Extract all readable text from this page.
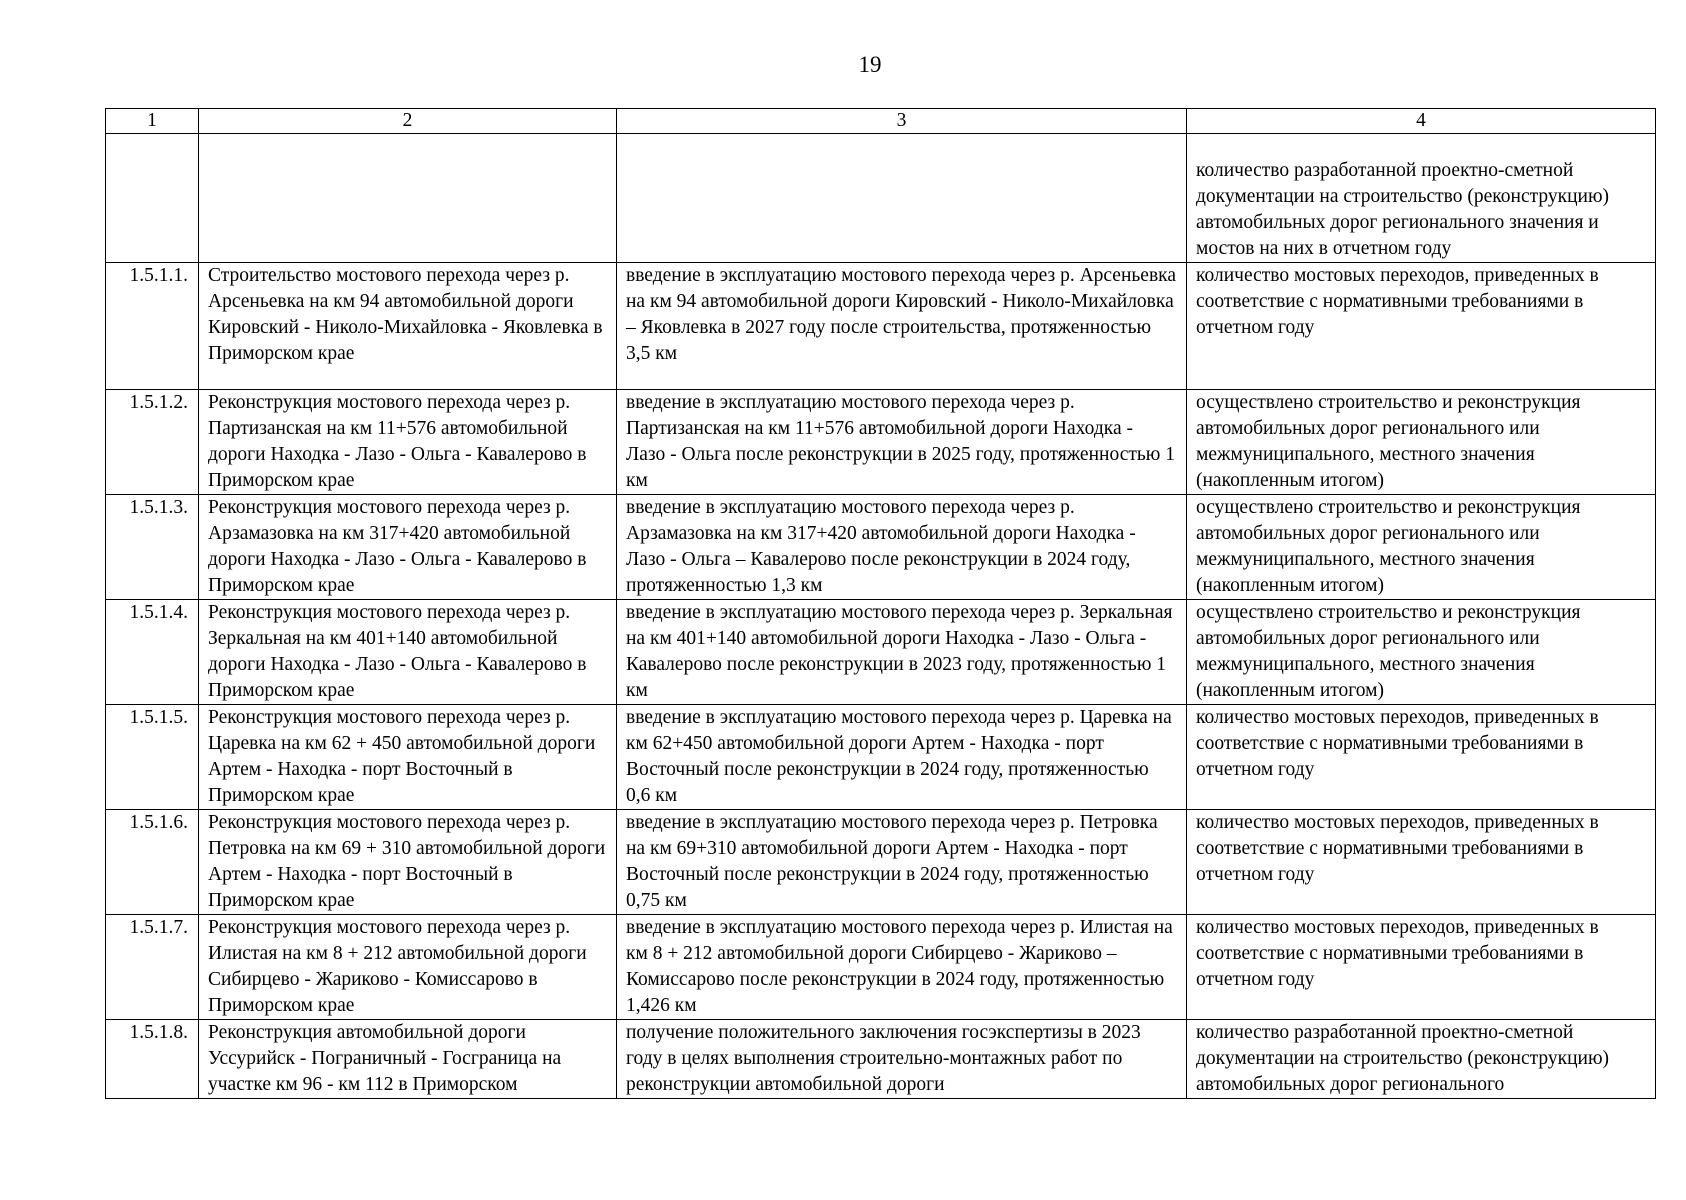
19
1	2	3	4
			количество разработанной проектно-сметной документации на строительство (реконструкцию) автомобильных дорог регионального значения и мостов на них в отчетном году
1.5.1.1.	Строительство мостового перехода через р. Арсеньевка на км 94 автомобильной дороги Кировский - Николо-Михайловка - Яковлевка в Приморском крае	введение в эксплуатацию мостового перехода через р. Арсеньевка на км 94 автомобильной дороги Кировский - Николо-Михайловка – Яковлевка в 2027 году после строительства, протяженностью 3,5 км	количество мостовых переходов, приведенных в соответствие с нормативными требованиями в отчетном году
1.5.1.2.	Реконструкция мостового перехода через р. Партизанская на км 11+576 автомобильной дороги Находка - Лазо - Ольга - Кавалерово в Приморском крае	введение в эксплуатацию мостового перехода через р. Партизанская на км 11+576 автомобильной дороги Находка - Лазо - Ольга после реконструкции в 2025 году, протяженностью 1 км	осуществлено строительство и реконструкция автомобильных дорог регионального или межмуниципального, местного значения (накопленным итогом)
1.5.1.3.	Реконструкция мостового перехода через р. Арзамазовка на км 317+420 автомобильной дороги Находка - Лазо - Ольга - Кавалерово в Приморском крае	введение в эксплуатацию мостового перехода через р. Арзамазовка на км 317+420 автомобильной дороги Находка - Лазо - Ольга – Кавалерово после реконструкции в 2024 году, протяженностью 1,3 км	осуществлено строительство и реконструкция автомобильных дорог регионального или межмуниципального, местного значения (накопленным итогом)
1.5.1.4.	Реконструкция мостового перехода через р. Зеркальная на км 401+140 автомобильной дороги Находка - Лазо - Ольга - Кавалерово в Приморском крае	введение в эксплуатацию мостового перехода через р. Зеркальная на км 401+140 автомобильной дороги Находка - Лазо - Ольга - Кавалерово после реконструкции в 2023 году, протяженностью 1 км	осуществлено строительство и реконструкция автомобильных дорог регионального или межмуниципального, местного значения (накопленным итогом)
1.5.1.5.	Реконструкция мостового перехода через р. Царевка на км 62 + 450 автомобильной дороги Артем - Находка - порт Восточный в Приморском крае	введение в эксплуатацию мостового перехода через р. Царевка на км 62+450 автомобильной дороги Артем - Находка - порт Восточный после реконструкции в 2024 году, протяженностью 0,6 км	количество мостовых переходов, приведенных в соответствие с нормативными требованиями в отчетном году
1.5.1.6.	Реконструкция мостового перехода через р. Петровка на км 69 + 310 автомобильной дороги Артем - Находка - порт Восточный в Приморском крае	введение в эксплуатацию мостового перехода через р. Петровка на км 69+310 автомобильной дороги Артем - Находка - порт Восточный после реконструкции в 2024 году, протяженностью 0,75 км	количество мостовых переходов, приведенных в соответствие с нормативными требованиями в отчетном году
1.5.1.7.	Реконструкция мостового перехода через р. Илистая на км 8 + 212 автомобильной дороги Сибирцево - Жариково - Комиссарово в Приморском крае	введение в эксплуатацию мостового перехода через р. Илистая на км 8 + 212 автомобильной дороги Сибирцево - Жариково – Комиссарово после реконструкции в 2024 году, протяженностью 1,426 км	количество мостовых переходов, приведенных в соответствие с нормативными требованиями в отчетном году
1.5.1.8.	Реконструкция автомобильной дороги Уссурийск - Пограничный - Госграница на участке км 96 - км 112 в Приморском	получение положительного заключения госэкспертизы в 2023 году в целях выполнения строительно-монтажных работ по реконструкции автомобильной дороги	количество разработанной проектно-сметной документации на строительство (реконструкцию) автомобильных дорог регионального
